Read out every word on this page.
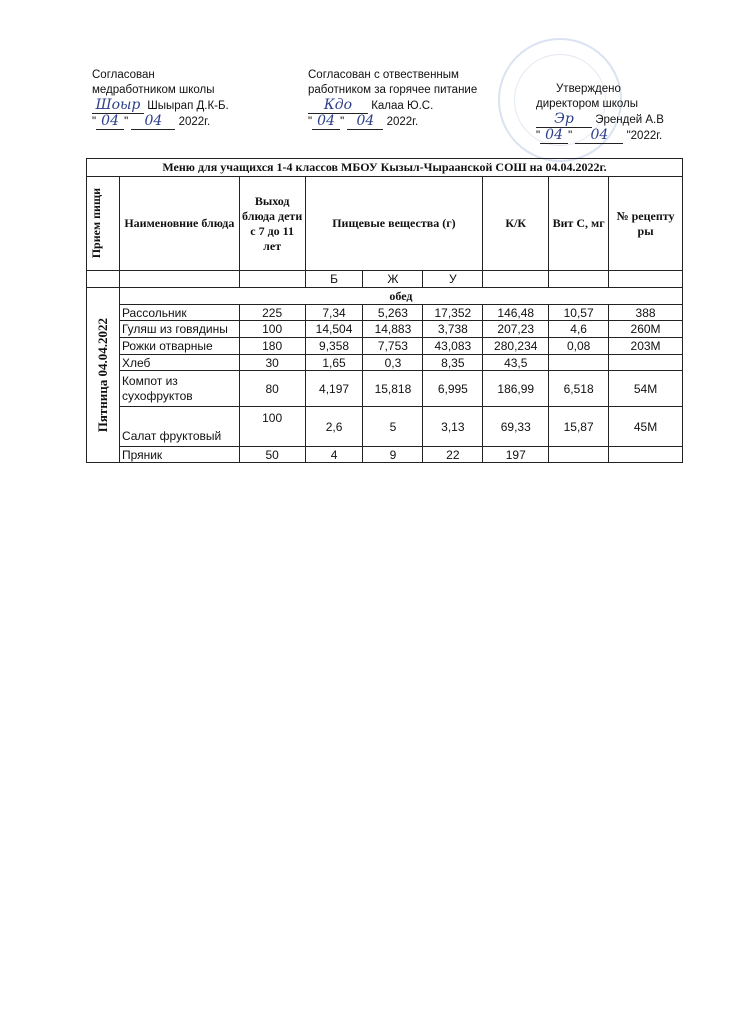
Согласован
медработником школы
Шоыр Шыырап Д.К-Б.
" 04 " 04 2022г.
Согласован с отвественным
работником за горячее питание
Кдо Калаа Ю.С.
" 04 " 04 2022г.
Утверждено
директором школы
Эр Эрендей А.В
" 04 " 04 "2022г.
Меню для учащихся 1-4 классов МБОУ Кызыл-Чыраанской СОШ на 04.04.2022г.								

Прием пищи	Наименовние блюда	Выход блюда дети с 7 до 11 лет	Пищевые вещества (г)			К/К	Вит С, мг	№ рецепту ры
			Б	Ж	У			

Пятница 04.04.2022	обед							
	Рассольник	225	7,34	5,263	17,352	146,48	10,57	388
	Гуляш из говядины	100	14,504	14,883	3,738	207,23	4,6	260М
	Рожки отварные	180	9,358	7,753	43,083	280,234	0,08	203М
	Хлеб	30	1,65	0,3	8,35	43,5		
	Компот из сухофруктов	80	4,197	15,818	6,995	186,99	6,518	54М
	Салат фруктовый	100	2,6	5	3,13	69,33	15,87	45М
	Пряник	50	4	9	22	197		
